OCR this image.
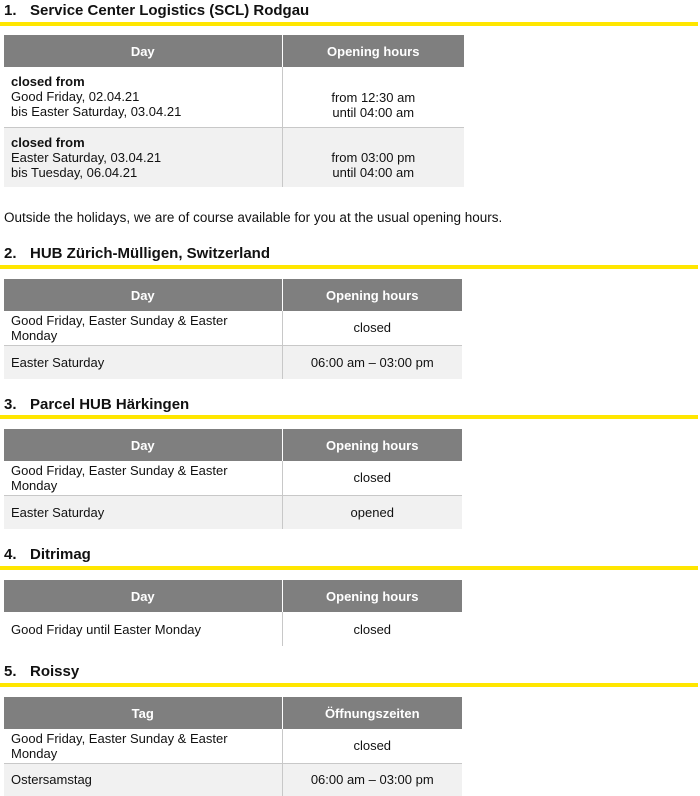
1. Service Center Logistics (SCL) Rodgau
Day	Opening hours

closed from
Good Friday, 02.04.21
bis Easter Saturday, 03.04.21	from 12:30 am
until 04:00 am

closed from
Easter Saturday, 03.04.21
bis Tuesday, 06.04.21	from 03:00 pm
until 04:00 am
Outside the holidays, we are of course available for you at the usual opening hours.
2. HUB Zürich-Mülligen, Switzerland
Day	Opening hours
Good Friday, Easter Sunday & Easter Monday	closed
Easter Saturday	06:00 am – 03:00 pm
3. Parcel HUB Härkingen
Day	Opening hours
Good Friday, Easter Sunday & Easter Monday	closed
Easter Saturday	opened
4. Ditrimag
Day	Opening hours
Good Friday until Easter Monday	closed
5. Roissy
Tag	Öffnungszeiten
Good Friday, Easter Sunday & Easter Monday	closed
Ostersamstag	06:00 am – 03:00 pm
